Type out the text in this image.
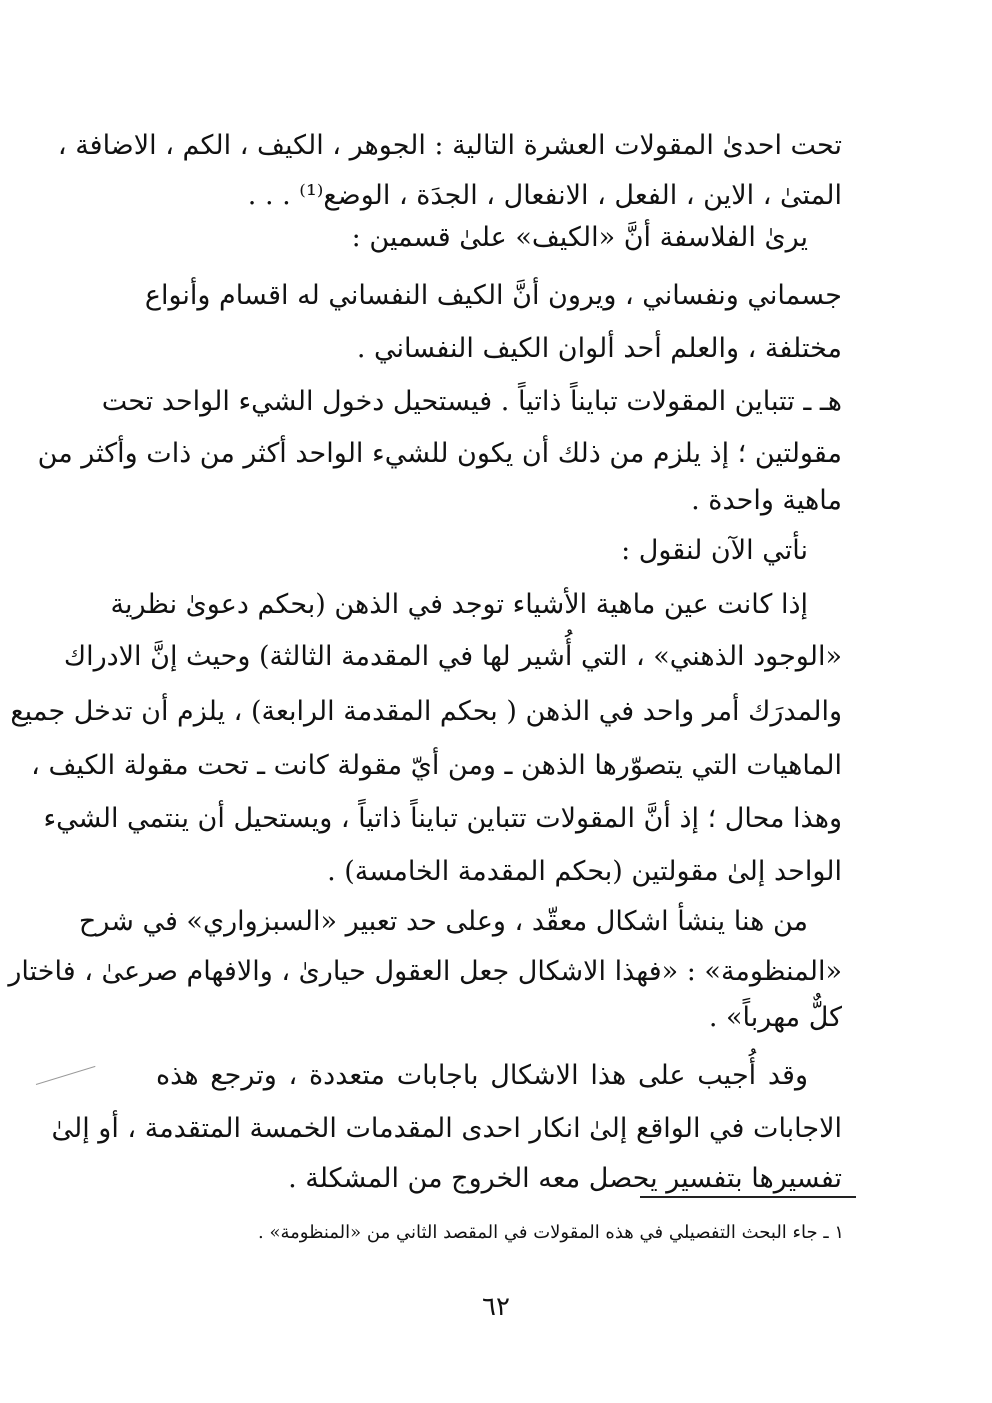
تحت احدىٰ المقولات العشرة التالية : الجوهر ، الكيف ، الكم ، الاضافة ،
المتىٰ ، الاين ، الفعل ، الانفعال ، الجدَة ، الوضع⁽¹⁾ . . .
يرىٰ الفلاسفة أنَّ «الكيف» علىٰ قسمين :
جسماني ونفساني ، ويرون أنَّ الكيف النفساني له اقسام وأنواع
مختلفة ، والعلم أحد ألوان الكيف النفساني .
هـ ـ تتباين المقولات تبايناً ذاتياً . فيستحيل دخول الشيء الواحد تحت
مقولتين ؛ إذ يلزم من ذلك أن يكون للشيء الواحد أكثر من ذات وأكثر من
ماهية واحدة .
نأتي الآن لنقول :
إذا كانت عين ماهية الأشياء توجد في الذهن (بحكم دعوىٰ نظرية
«الوجود الذهني» ، التي أُشير لها في المقدمة الثالثة) وحيث إنَّ الادراك
والمدرَك أمر واحد في الذهن ( بحكم المقدمة الرابعة) ، يلزم أن تدخل جميع
الماهيات التي يتصوّرها الذهن ـ ومن أيّ مقولة كانت ـ تحت مقولة الكيف ،
وهذا محال ؛ إذ أنَّ المقولات تتباين تبايناً ذاتياً ، ويستحيل أن ينتمي الشيء
الواحد إلىٰ مقولتين (بحكم المقدمة الخامسة) .
من هنا ينشأ اشكال معقّد ، وعلى حد تعبير «السبزواري» في شرح
«المنظومة» : «فهذا الاشكال جعل العقول حيارىٰ ، والافهام صرعىٰ ، فاختار
كلٌّ مهرباً» .
وقد أُجيب على هذا الاشكال باجابات متعددة ، وترجع هذه
الاجابات في الواقع إلىٰ انكار احدى المقدمات الخمسة المتقدمة ، أو إلىٰ
تفسيرها بتفسير يحصل معه الخروج من المشكلة .
١ ـ جاء البحث التفصيلي في هذه المقولات في المقصد الثاني من «المنظومة» .
٦٢
